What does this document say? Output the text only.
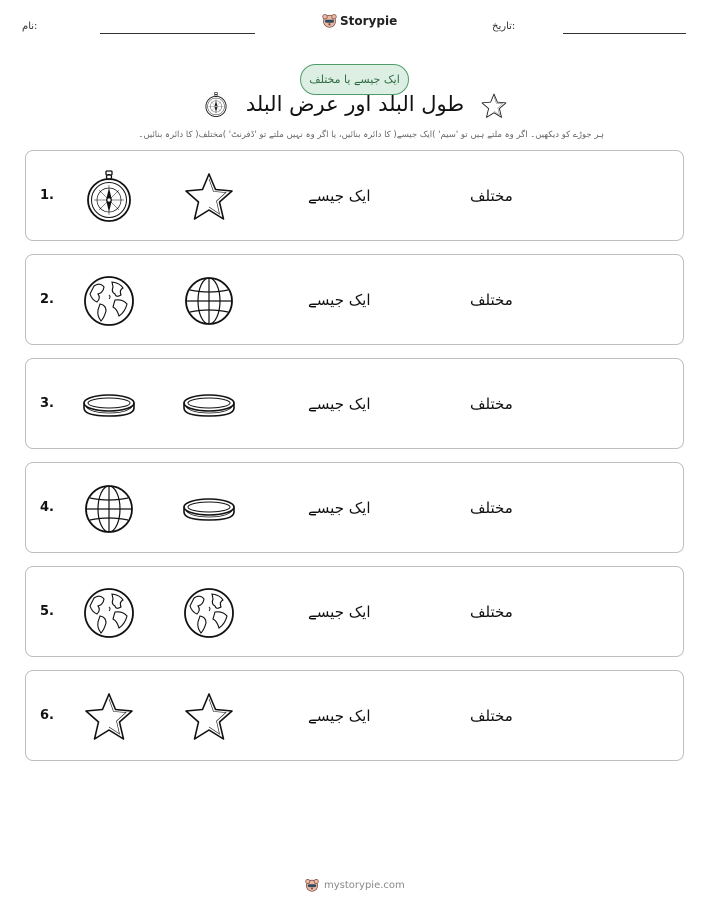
نام:	Storypie	تاریخ:
ایک جیسے یا مختلف
طول البلد اور عرض البلد
ہر جوڑے کو دیکھیں۔ اگر وہ ملتے ہیں تو 'سیم' )ایک جیسے( کا دائرہ بنائیں، یا اگر وہ نہیں ملتے تو 'ڈفرنٹ' )مختلف( کا دائرہ بنائیں۔
1.	ایک جیسے	مختلف
2.	ایک جیسے	مختلف
3.	ایک جیسے	مختلف
4.	ایک جیسے	مختلف
5.	ایک جیسے	مختلف
6.	ایک جیسے	مختلف
mystorypie.com
